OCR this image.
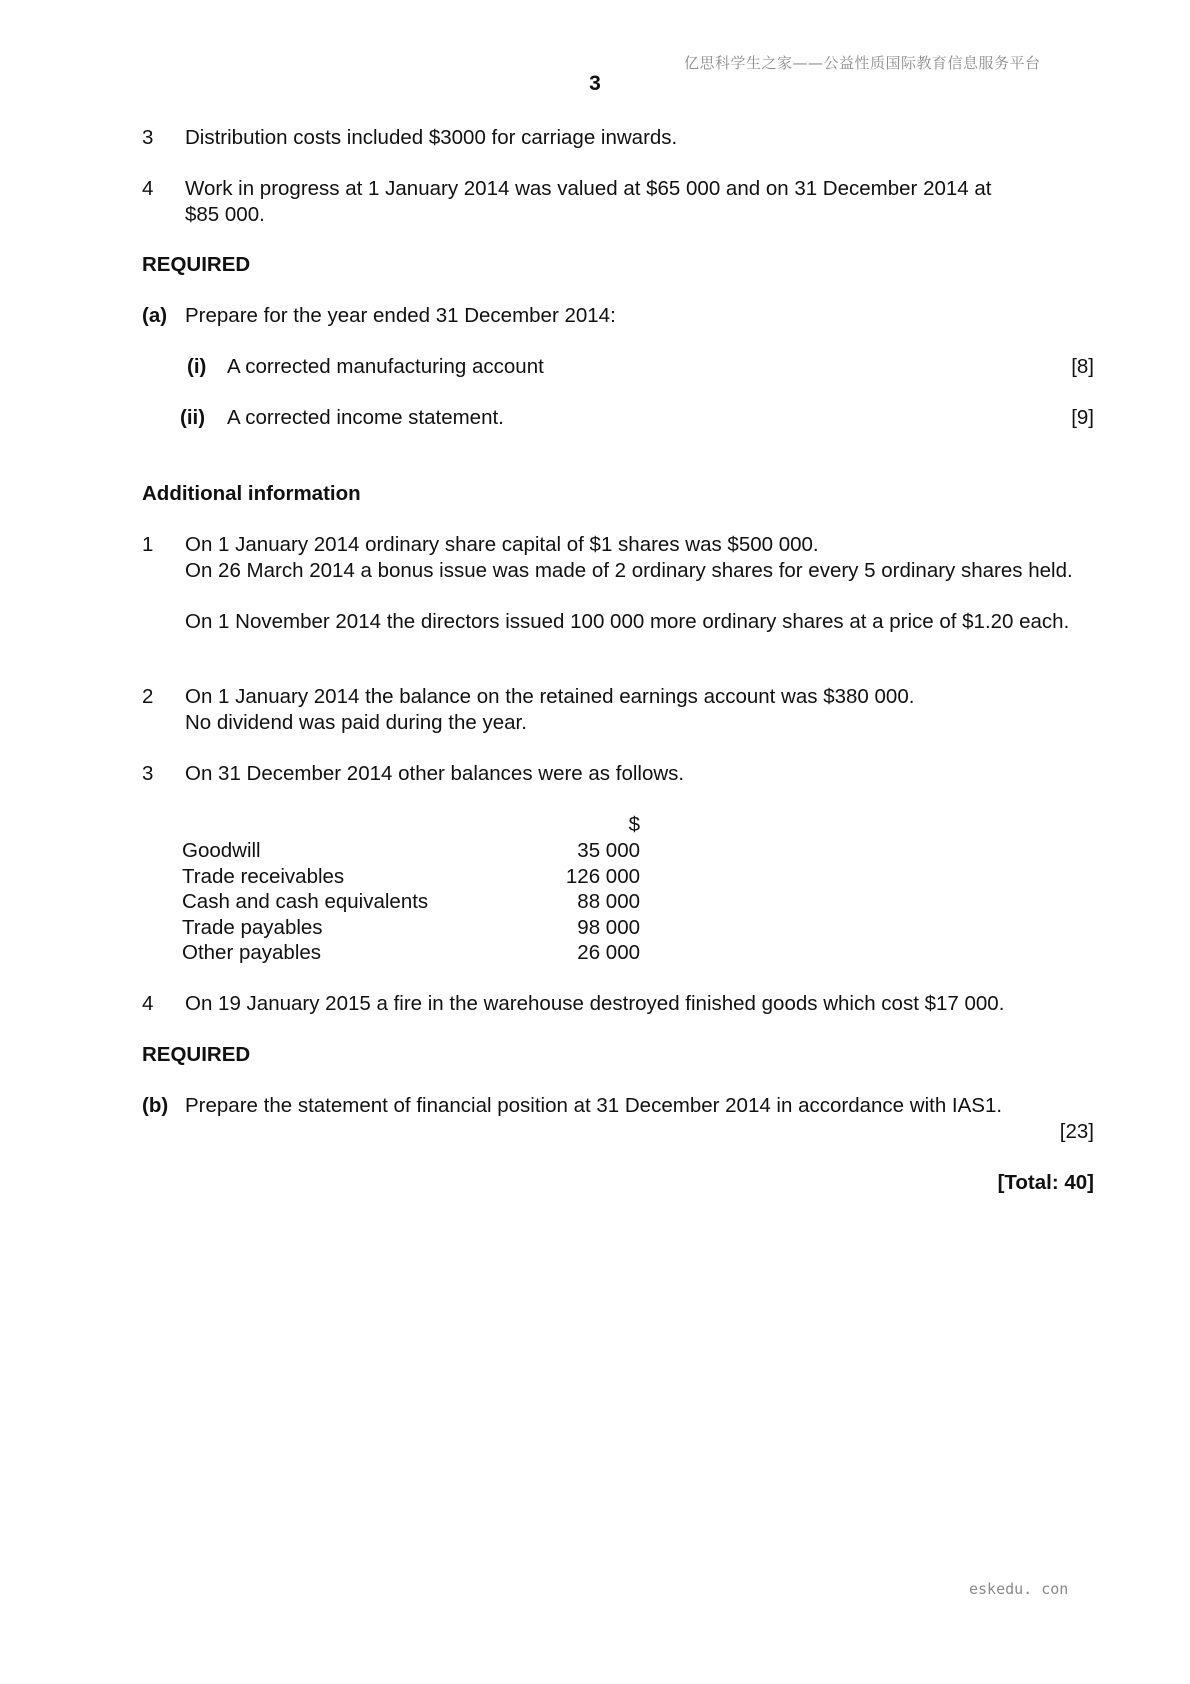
亿思科学生之家——公益性质国际教育信息服务平台
3
3 Distribution costs included $3000 for carriage inwards.
4 Work in progress at 1 January 2014 was valued at $65 000 and on 31 December 2014 at
$85 000.
REQUIRED
(a) Prepare for the year ended 31 December 2014:
(i) A corrected manufacturing account	[8]
(ii) A corrected income statement.	[9]
Additional information
1 On 1 January 2014 ordinary share capital of $1 shares was $500 000.
On 26 March 2014 a bonus issue was made of 2 ordinary shares for every 5 ordinary shares held.
On 1 November 2014 the directors issued 100 000 more ordinary shares at a price of $1.20 each.
2 On 1 January 2014 the balance on the retained earnings account was $380 000.
No dividend was paid during the year.
3 On 31 December 2014 other balances were as follows.
$
Goodwill	35 000
Trade receivables	126 000
Cash and cash equivalents	88 000
Trade payables	98 000
Other payables	26 000
4 On 19 January 2015 a fire in the warehouse destroyed finished goods which cost $17 000.
REQUIRED
(b) Prepare the statement of financial position at 31 December 2014 in accordance with IAS1.
[23]
[Total: 40]
eskedu. con
